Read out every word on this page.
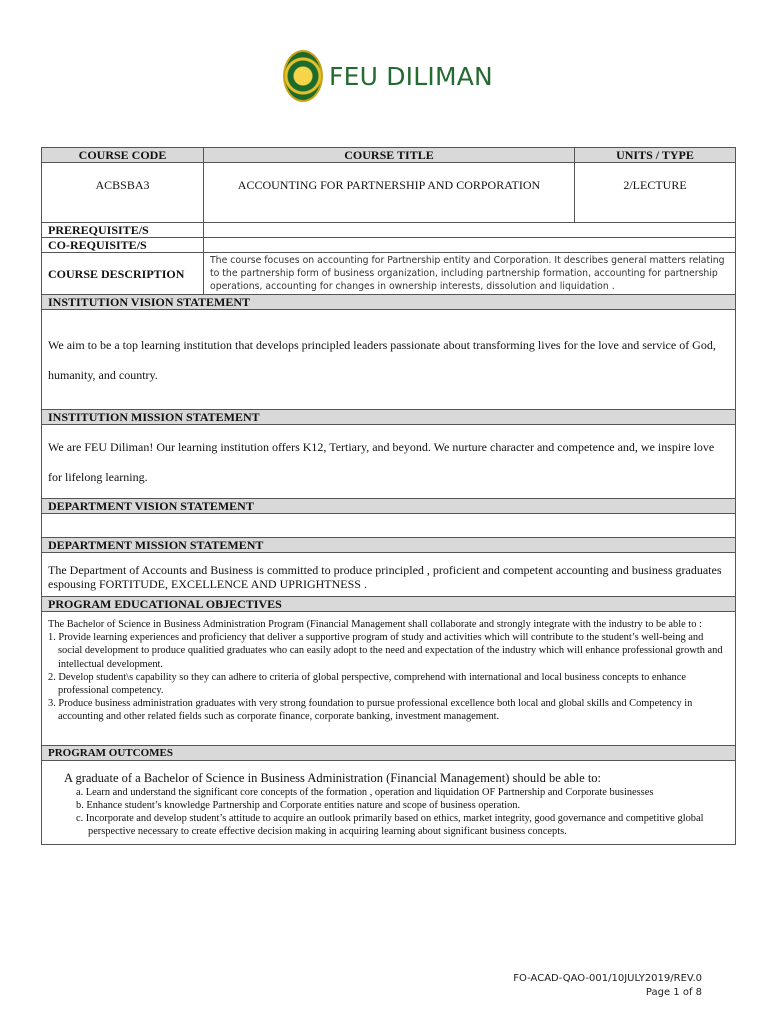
FEU DILIMAN
COURSE CODE	COURSE TITLE	UNITS / TYPE
ACBSBA3	ACCOUNTING FOR PARTNERSHIP AND CORPORATION	2/LECTURE
PREREQUISITE/S		
CO-REQUISITE/S		
COURSE DESCRIPTION	The course focuses on accounting for Partnership entity and Corporation. It describes general matters relating to the partnership form of business organization, including partnership formation, accounting for partnership operations, accounting for changes in ownership interests, dissolution and liquidation .	
INSTITUTION VISION STATEMENT		
We aim to be a top learning institution that develops principled leaders passionate about transforming lives for the love and service of God, humanity, and country.		
INSTITUTION MISSION STATEMENT		
We are FEU Diliman! Our learning institution offers K12, Tertiary, and beyond. We nurture character and competence and, we inspire love for lifelong learning.		
DEPARTMENT VISION STATEMENT		

DEPARTMENT MISSION STATEMENT		
The Department of Accounts and Business is committed to produce principled , proficient and competent accounting and business graduates espousing FORTITUDE, EXCELLENCE AND UPRIGHTNESS .		
PROGRAM EDUCATIONAL OBJECTIVES		

The Bachelor of Science in Business Administration Program (Financial Management shall collaborate and strongly integrate with the industry to be able to :

1. Provide learning experiences and proficiency that deliver a supportive program of study and activities which will contribute to the student’s well-being and social development to produce qualitied graduates who can easily adopt to the need and expectation of the industry which will enhance professional growth and intellectual development.

2. Develop student\s capability so they can adhere to criteria of global perspective, comprehend with international and local business concepts to enhance professional competency.

3. Produce business administration graduates with very strong foundation to pursue professional excellence both local and global skills and Competency in accounting and other related fields such as corporate finance, corporate banking, investment management.		

PROGRAM OUTCOMES		

A graduate of a Bachelor of Science in Business Administration (Financial Management) should be able to:

a. Learn and understand the significant core concepts of the formation , operation and liquidation OF Partnership and Corporate businesses

b. Enhance student’s knowledge Partnership and Corporate entities nature and scope of business operation.

c. Incorporate and develop student’s attitude to acquire an outlook primarily based on ethics, market integrity, good governance and competitive global perspective necessary to create effective decision making in acquiring learning about significant business concepts.		

FO-ACAD-QAO-001/10JULY2019/REV.0
Page 1 of 8
